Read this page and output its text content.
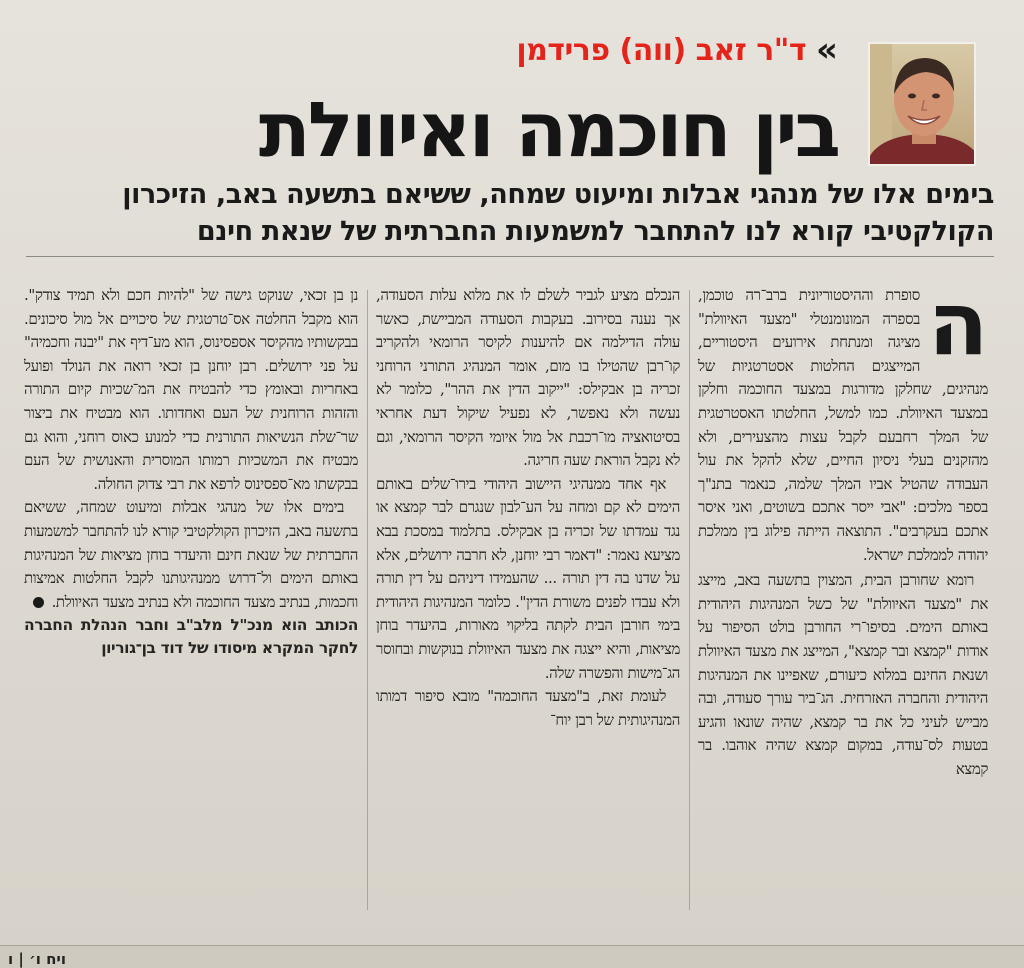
»
ד"ר זאב (ווה) פרידמן
בין חוכמה ואיוולת
בימים אלו של מנהגי אבלות ומיעוט שמחה, ששיאם בתשעה באב, הזיכרון הקולקטיבי קורא לנו להתחבר למשמעות החברתית של שנאת חינם
ה

סופרת וההיסטוריונית ברב־רה טוכמן, בספרה המונומנטלי "מצעד האיוולת" מציגה ומנתחת אירועים היסטוריים, המייצגים החלטות אסטרטגיות של מנהיגים, שחלקן מדורגות במצעד החוכמה וחלקן במצעד האיוולת. כמו למשל, החלטתו האסטרטגית של המלך רחבעם לקבל עצות מהצעירים, ולא מהזקנים בעלי ניסיון החיים, שלא להקל את עול העבודה שהטיל אביו המלך שלמה, כנאמר בתנ"ך בספר מלכים: "אבי ייסר אתכם בשוטים, ואני איסר אתכם בעקרבים". התוצאה הייתה פילוג בין ממלכת יהודה לממלכת ישראל.

רומא שחורבן הבית, המצוין בתשעה באב, מייצג את "מצעד האיוולת" של כשל המנהיגות היהודית באותם הימים. בסיפו־רי החורבן בולט הסיפור על אודות "קמצא ובר קמצא", המייצג את מצעד האיוולת ושנאת החינם במלוא כיעורם, שאפיינו את המנהיגות היהודית והחברה האזרחית. הג־ביר עורך סעודה, ובה מבייש לעיני כל את בר קמצא, שהיה שונאו והגיע בטעות לס־עודה, במקום קמצא שהיה אוהבו. בר קמצא

הנכלם מציע לגביר לשלם לו את מלוא עלות הסעודה, אך נענה בסירוב. בעקבות הסעודה המביישת, כאשר עולה הדילמה אם להיענות לקיסר הרומאי ולהקריב קו־רבן שהטילו בו מום, אומר המנהיג התורני הרוחני זכריה בן אבקילס: "ייקוב הדין את ההר", כלומר לא נעשה ולא נאפשר, לא נפעיל שיקול דעת אחראי בסיטואציה מו־רכבת אל מול איומי הקיסר הרומאי, וגם לא נקבל הוראת שעה חריגה.

אף אחד ממנהיגי היישוב היהודי בירו־שלים באותם הימים לא קם ומחה על הע־לבון שנגרם לבר קמצא או נגד עמדתו של זכריה בן אבקילס. בתלמוד במסכת בבא מציעא נאמר: "דאמר רבי יוחנן, לא חרבה ירושלים, אלא על שדנו בה דין תורה ... שהעמידו דיניהם על דין תורה ולא עבדו לפנים משורת הדין". כלומר המנהיגות היהודית בימי חורבן הבית לקתה בליקוי מאורות, בהיעדר בוחן מציאות, והיא ייצגה את מצעד האיוולת בנוקשות ובחוסר הג־מישות והפשרה שלה.

לעומת זאת, ב"מצעד החוכמה" מובא סיפור דמותו המנהיגותית של רבן יוח־

נן בן זכאי, שנוקט גישה של "להיות חכם ולא תמיד צודק". הוא מקבל החלטה אס־טרטגית של סיכויים אל מול סיכונים. בבקשותיו מהקיסר אספסינוס, הוא מע־דיף את "יבנה וחכמיה" על פני ירושלים. רבן יוחנן בן זכאי רואה את הנולד ופועל באחריות ובאומץ כדי להבטיח את המ־שכיות קיום התורה והזהות הרוחנית של העם ואחדותו. הוא מבטיח את ביצור שר־שלת הנשיאות התורנית כדי למנוע כאוס רוחני, והוא גם מבטיח את המשכיות רמותו המוסרית והאנושית של העם בבקשתו מא־ספסינוס לרפא את רבי צדוק החולה.

בימים אלו של מנהגי אבלות ומיעוט שמחה, ששיאם בתשעה באב, הזיכרון הקולקטיבי קורא לנו להתחבר למשמעות החברתית של שנאת חינם והיעדר בוחן מציאות של המנהיגות באותם הימים ול־דרוש ממנהיגותנו לקבל החלטות אמיצות וחכמות, בנתיב מצעד החוכמה ולא בנתיב מצעד האיוולת.

הכותב הוא מנכ"ל מלב"ב וחבר הנהלת החברה לחקר המקרא מיסודו של דוד בן־גוריון

ויח ו׳ | ו
